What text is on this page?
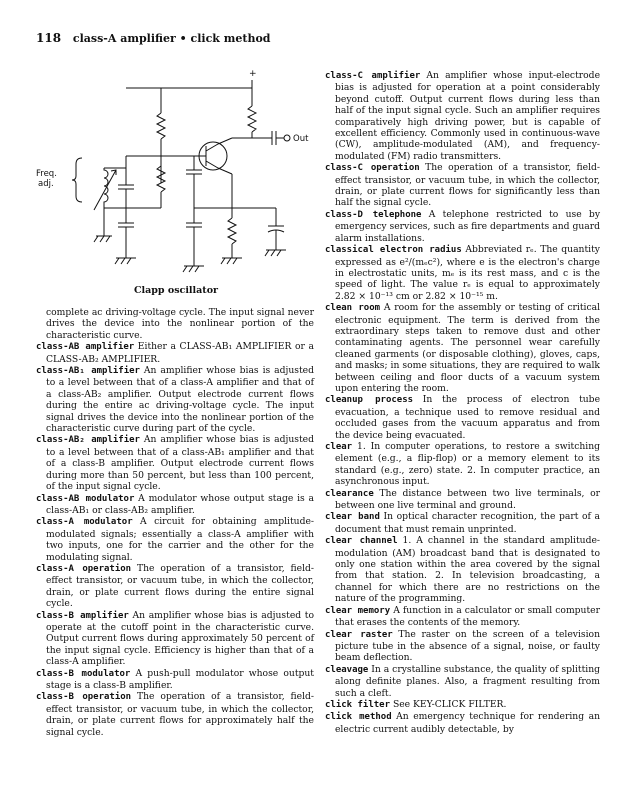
118 class-A amplifier • click method
+
Out
Freq.
adj.
Clapp oscillator

complete ac driving-voltage cycle. The input signal never drives the device into the nonlinear portion of the characteristic curve.

class-AB amplifier Either a CLASS-AB₁ AMPLIFIER or a CLASS-AB₂ AMPLIFIER.

class-AB₁ amplifier An amplifier whose bias is adjusted to a level between that of a class-A amplifier and that of a class-AB₂ amplifier. Output electrode current flows during the entire ac driving-voltage cycle. The input signal drives the device into the nonlinear portion of the characteristic curve during part of the cycle.

class-AB₂ amplifier An amplifier whose bias is adjusted to a level between that of a class-AB₁ amplifier and that of a class-B amplifier. Output electrode current flows during more than 50 percent, but less than 100 percent, of the input signal cycle.

class-AB modulator A modulator whose output stage is a class-AB₁ or class-AB₂ amplifier.

class-A modulator A circuit for obtaining amplitude-modulated signals; essentially a class-A amplifier with two inputs, one for the carrier and the other for the modulating signal.

class-A operation The operation of a transistor, field-effect transistor, or vacuum tube, in which the collector, drain, or plate current flows during the entire signal cycle.

class-B amplifier An amplifier whose bias is adjusted to operate at the cutoff point in the characteristic curve. Output current flows during approximately 50 percent of the input signal cycle. Efficiency is higher than that of a class-A amplifier.

class-B modulator A push-pull modulator whose output stage is a class-B amplifier.

class-B operation The operation of a transistor, field-effect transistor, or vacuum tube, in which the collector, drain, or plate current flows for approximately half the signal cycle.

class-C amplifier An amplifier whose input-electrode bias is adjusted for operation at a point considerably beyond cutoff. Output current flows during less than half of the input signal cycle. Such an amplifier requires comparatively high driving power, but is capable of excellent efficiency. Commonly used in continuous-wave (CW), amplitude-modulated (AM), and frequency-modulated (FM) radio transmitters.

class-C operation The operation of a transistor, field-effect transistor, or vacuum tube, in which the collector, drain, or plate current flows for significantly less than half the signal cycle.

class-D telephone A telephone restricted to use by emergency services, such as fire departments and guard alarm installations.

classical electron radius Abbreviated rₑ. The quantity expressed as e²/(mₑc²), where e is the electron's charge in electrostatic units, mₑ is its rest mass, and c is the speed of light. The value rₑ is equal to approximately 2.82 × 10⁻¹³ cm or 2.82 × 10⁻¹⁵ m.

clean room A room for the assembly or testing of critical electronic equipment. The term is derived from the extraordinary steps taken to remove dust and other contaminating agents. The personnel wear carefully cleaned garments (or disposable clothing), gloves, caps, and masks; in some situations, they are required to walk between ceiling and floor ducts of a vacuum system upon entering the room.

cleanup process In the process of electron tube evacuation, a technique used to remove residual and occluded gases from the vacuum apparatus and from the device being evacuated.

clear 1. In computer operations, to restore a switching element (e.g., a flip-flop) or a memory element to its standard (e.g., zero) state. 2. In computer practice, an asynchronous input.

clearance The distance between two live terminals, or between one live terminal and ground.

clear band In optical character recognition, the part of a document that must remain unprinted.

clear channel 1. A channel in the standard amplitude-modulation (AM) broadcast band that is designated to only one station within the area covered by the signal from that station. 2. In television broadcasting, a channel for which there are no restrictions on the nature of the programming.

clear memory A function in a calculator or small computer that erases the contents of the memory.

clear raster The raster on the screen of a television picture tube in the absence of a signal, noise, or faulty beam deflection.

cleavage In a crystalline substance, the quality of splitting along definite planes. Also, a fragment resulting from such a cleft.

click filter See KEY-CLICK FILTER.

click method An emergency technique for rendering an electric current audibly detectable, by
